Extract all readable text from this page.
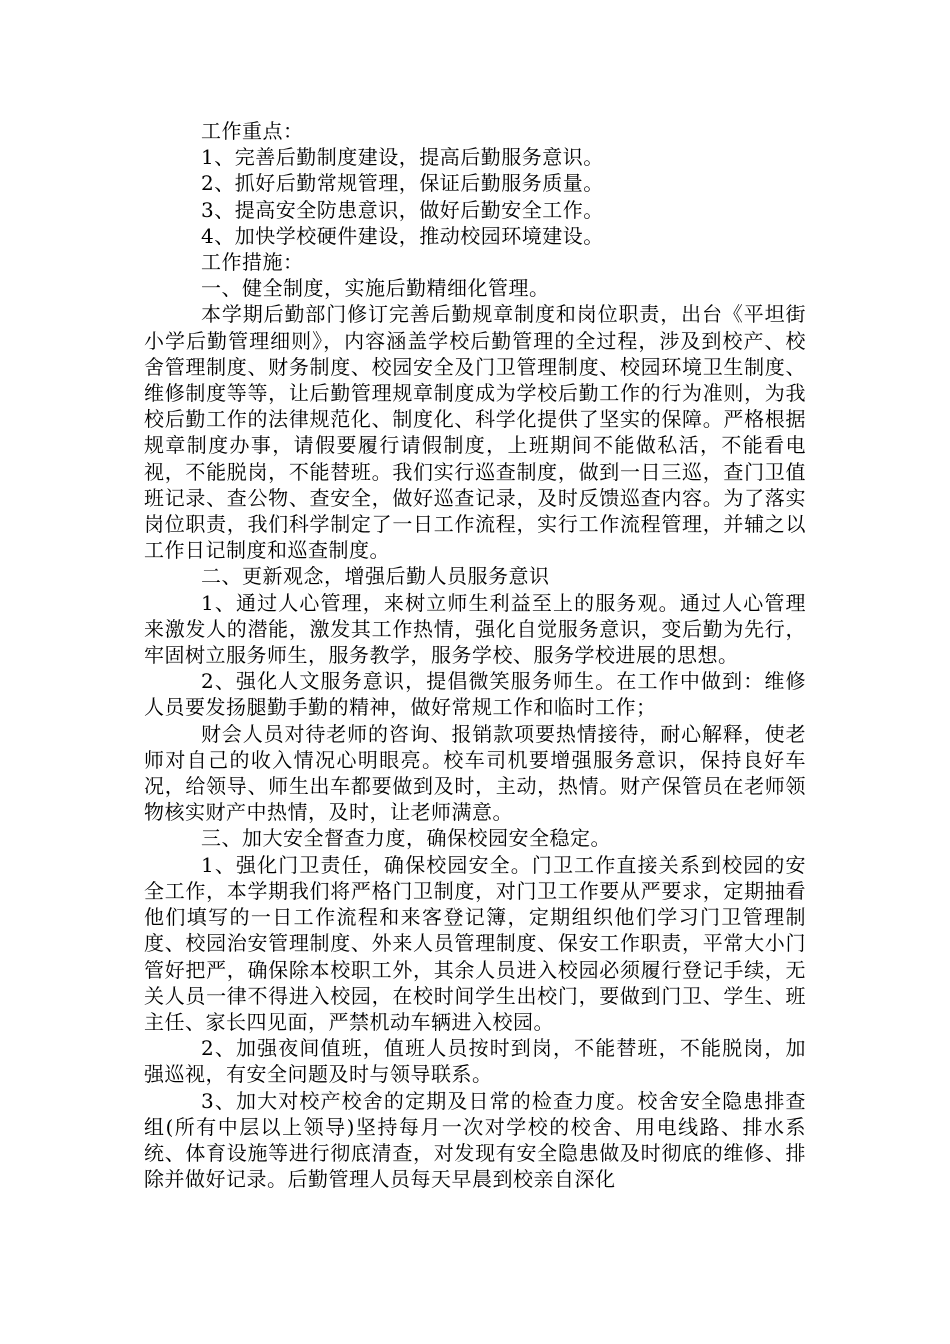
工作重点：

1、完善后勤制度建设，提高后勤服务意识。

2、抓好后勤常规管理，保证后勤服务质量。

3、提高安全防患意识，做好后勤安全工作。

4、加快学校硬件建设，推动校园环境建设。

工作措施：

一、健全制度，实施后勤精细化管理。

本学期后勤部门修订完善后勤规章制度和岗位职责，出台《平坦街小学后勤管理细则》，内容涵盖学校后勤管理的全过程，涉及到校产、校舍管理制度、财务制度、校园安全及门卫管理制度、校园环境卫生制度、维修制度等等，让后勤管理规章制度成为学校后勤工作的行为准则，为我校后勤工作的法律规范化、制度化、科学化提供了坚实的保障。严格根据规章制度办事，请假要履行请假制度，上班期间不能做私活，不能看电视，不能脱岗，不能替班。我们实行巡查制度，做到一日三巡，查门卫值班记录、查公物、查安全，做好巡查记录，及时反馈巡查内容。为了落实岗位职责，我们科学制定了一日工作流程，实行工作流程管理，并辅之以工作日记制度和巡查制度。

二、更新观念，增强后勤人员服务意识

1、通过人心管理，来树立师生利益至上的服务观。通过人心管理来激发人的潜能，激发其工作热情，强化自觉服务意识，变后勤为先行，牢固树立服务师生，服务教学，服务学校、服务学校进展的思想。

2、强化人文服务意识，提倡微笑服务师生。在工作中做到：维修人员要发扬腿勤手勤的精神，做好常规工作和临时工作；

财会人员对待老师的咨询、报销款项要热情接待，耐心解释，使老师对自己的收入情况心明眼亮。校车司机要增强服务意识，保持良好车况，给领导、师生出车都要做到及时，主动，热情。财产保管员在老师领物核实财产中热情，及时，让老师满意。

三、加大安全督查力度，确保校园安全稳定。

1、强化门卫责任，确保校园安全。门卫工作直接关系到校园的安全工作，本学期我们将严格门卫制度，对门卫工作要从严要求，定期抽看他们填写的一日工作流程和来客登记簿，定期组织他们学习门卫管理制度、校园治安管理制度、外来人员管理制度、保安工作职责，平常大小门管好把严，确保除本校职工外，其余人员进入校园必须履行登记手续，无关人员一律不得进入校园，在校时间学生出校门，要做到门卫、学生、班主任、家长四见面，严禁机动车辆进入校园。

2、加强夜间值班，值班人员按时到岗，不能替班，不能脱岗，加强巡视，有安全问题及时与领导联系。

3、加大对校产校舍的定期及日常的检查力度。校舍安全隐患排查组(所有中层以上领导)坚持每月一次对学校的校舍、用电线路、排水系统、体育设施等进行彻底清查，对发现有安全隐患做及时彻底的维修、排除并做好记录。后勤管理人员每天早晨到校亲自深化
